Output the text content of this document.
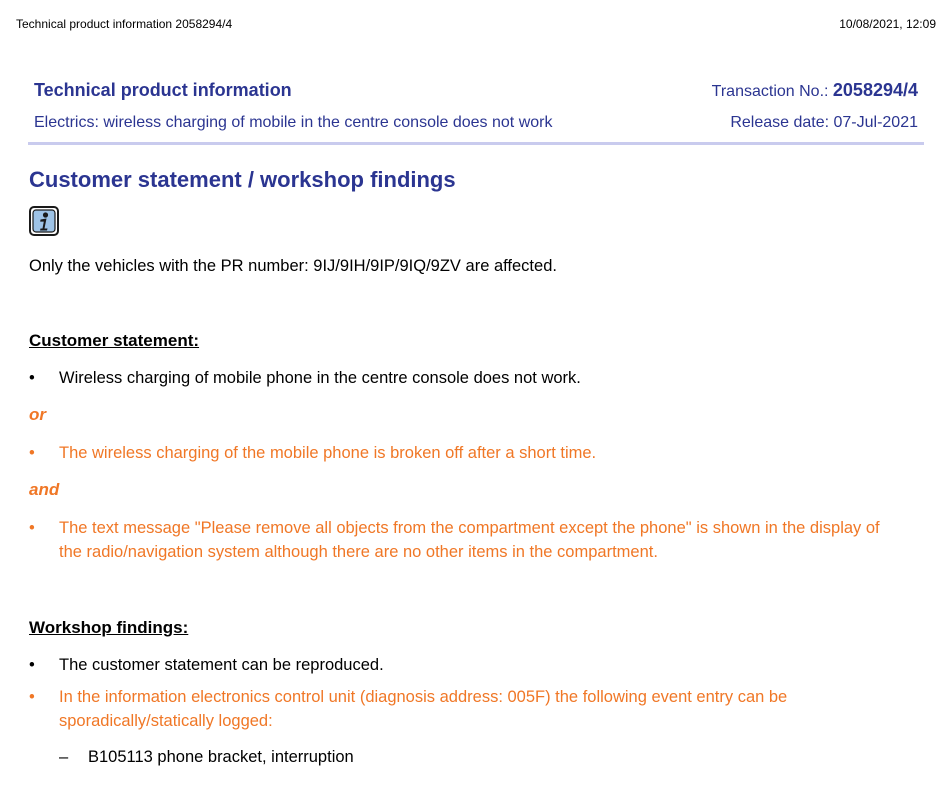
Technical product information 2058294/4	10/08/2021, 12:09
Technical product information	Transaction No.: 2058294/4
Electrics: wireless charging of mobile in the centre console does not work	Release date: 07-Jul-2021
Customer statement / workshop findings
Only the vehicles with the PR number: 9IJ/9IH/9IP/9IQ/9ZV are affected.
Customer statement:
• Wireless charging of mobile phone in the centre console does not work.
or
• The wireless charging of the mobile phone is broken off after a short time.
and
• The text message "Please remove all objects from the compartment except the phone" is shown in the display of the radio/navigation system although there are no other items in the compartment.
Workshop findings:
• The customer statement can be reproduced.
• In the information electronics control unit (diagnosis address: 005F) the following event entry can be sporadically/statically logged:
– B105113 phone bracket, interruption
